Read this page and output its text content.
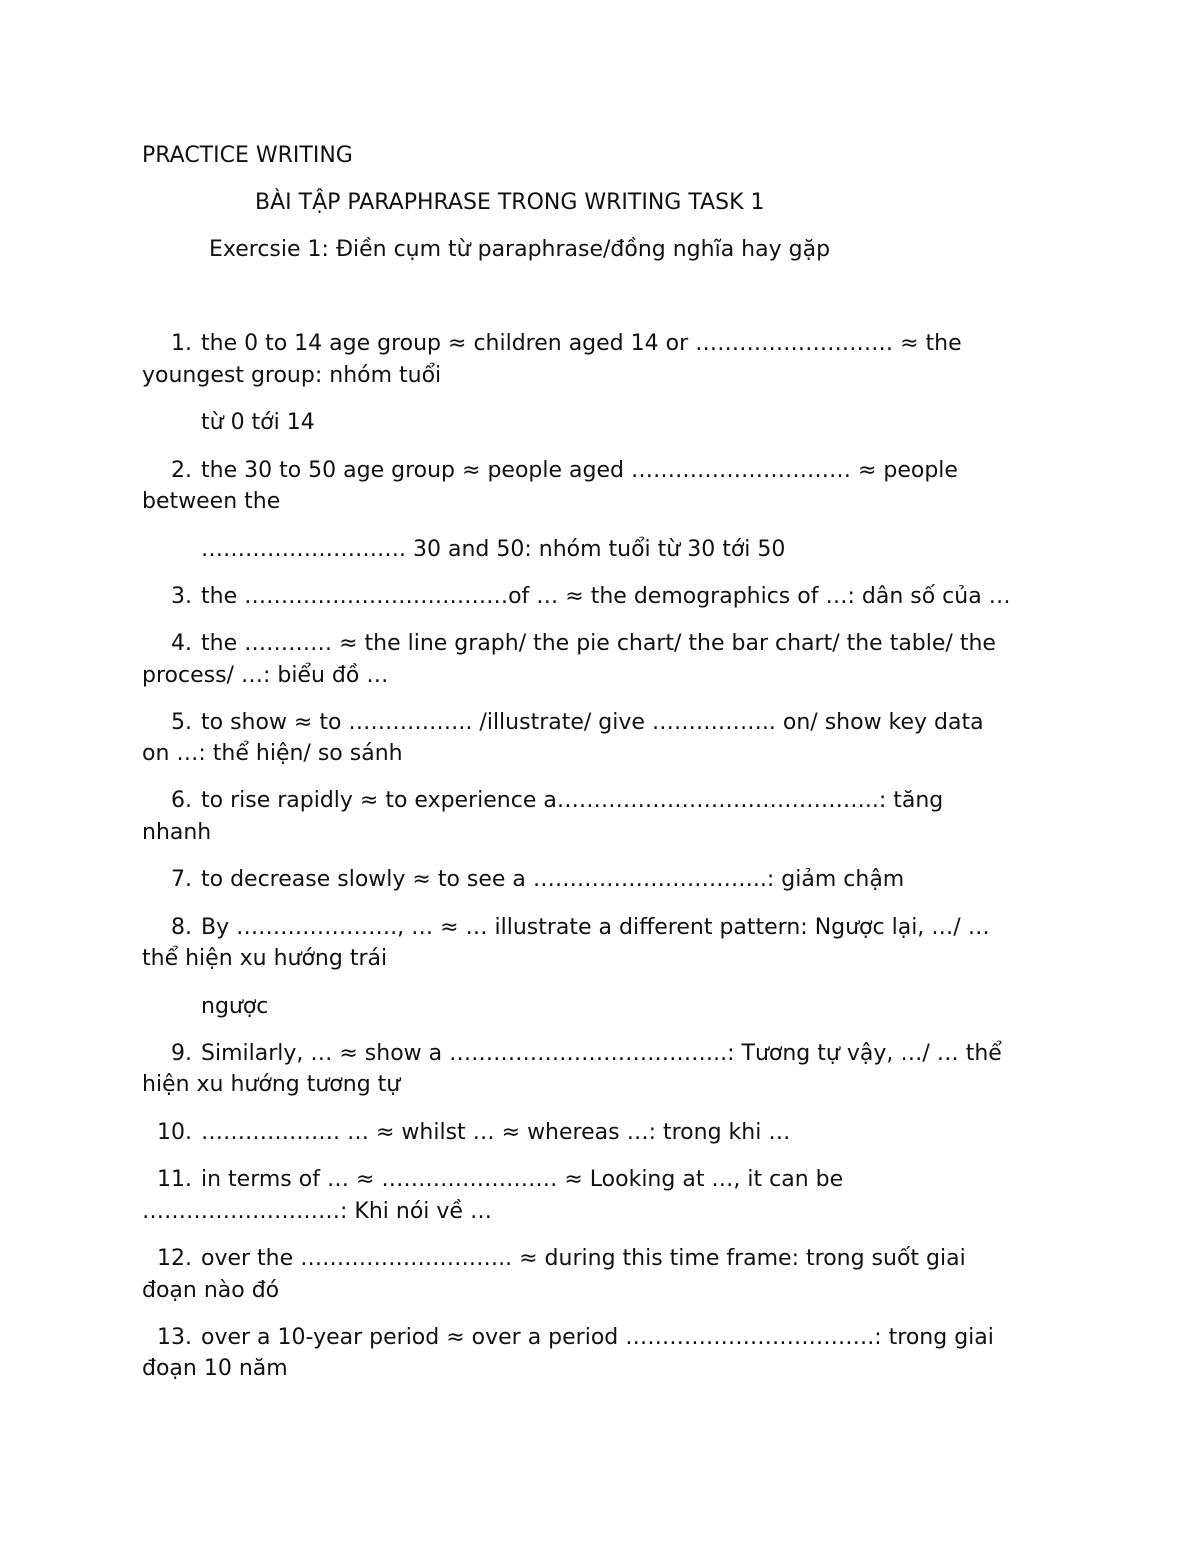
PRACTICE WRITING
BÀI TẬP PARAPHRASE TRONG WRITING TASK 1

Exercsie 1: Điền cụm từ paraphrase/đồng nghĩa hay gặp

1. the 0 to 14 age group ≈ children aged 14 or ……………………… ≈ the

youngest group: nhóm tuổi

từ 0 tới 14

2. the 30 to 50 age group ≈ people aged ………………………… ≈ people

between the

………………………. 30 and 50: nhóm tuổi từ 30 tới 50

3. the ………………………………of … ≈ the demographics of …: dân số của …

4. the ………… ≈ the line graph/ the pie chart/ the bar chart/ the table/ the

process/ …: biểu đồ …

5. to show ≈ to …………….. /illustrate/ give …………….. on/ show key data

on …: thể hiện/ so sánh

6. to rise rapidly ≈ to experience a……………………………………..: tăng

nhanh

7. to decrease slowly ≈ to see a …………………………..: giảm chậm

8. By …………………., … ≈ … illustrate a different pattern: Ngược lại, …/ …

thể hiện xu hướng trái

ngược

9. Similarly, … ≈ show a ………………………………..: Tương tự vậy, …/ … thể

hiện xu hướng tương tự

10. ………………. … ≈ whilst … ≈ whereas …: trong khi …

11. in terms of … ≈ …………………… ≈ Looking at …, it can be

………………………: Khi nói về …

12. over the ……………………….. ≈ during this time frame: trong suốt giai

đoạn nào đó

13. over a 10-year period ≈ over a period …………………………….: trong giai

đoạn 10 năm
